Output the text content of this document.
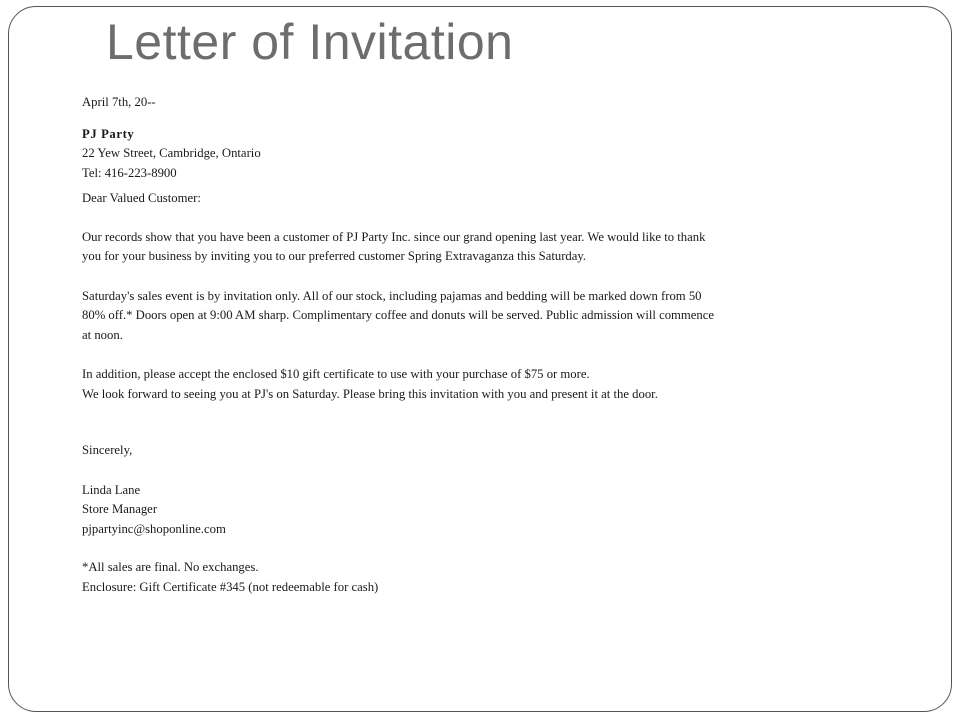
Letter of Invitation

April 7th, 20--

PJ Party

22 Yew Street, Cambridge, Ontario

Tel: 416-223-8900

Dear Valued Customer:

Our records show that you have been a customer of PJ Party Inc. since our grand opening last year. We would like to thank you for your business by inviting you to our preferred customer Spring Extravaganza this Saturday.

Saturday's sales event is by invitation only. All of our stock, including pajamas and bedding will be marked down from 50 80% off.* Doors open at 9:00 AM sharp. Complimentary coffee and donuts will be served. Public admission will commence at noon.

In addition, please accept the enclosed $10 gift certificate to use with your purchase of $75 or more.

We look forward to seeing you at PJ's on Saturday. Please bring this invitation with you and present it at the door.

Sincerely,

Linda Lane

Store Manager

pjpartyinc@shoponline.com

*All sales are final. No exchanges.

Enclosure: Gift Certificate #345 (not redeemable for cash)
